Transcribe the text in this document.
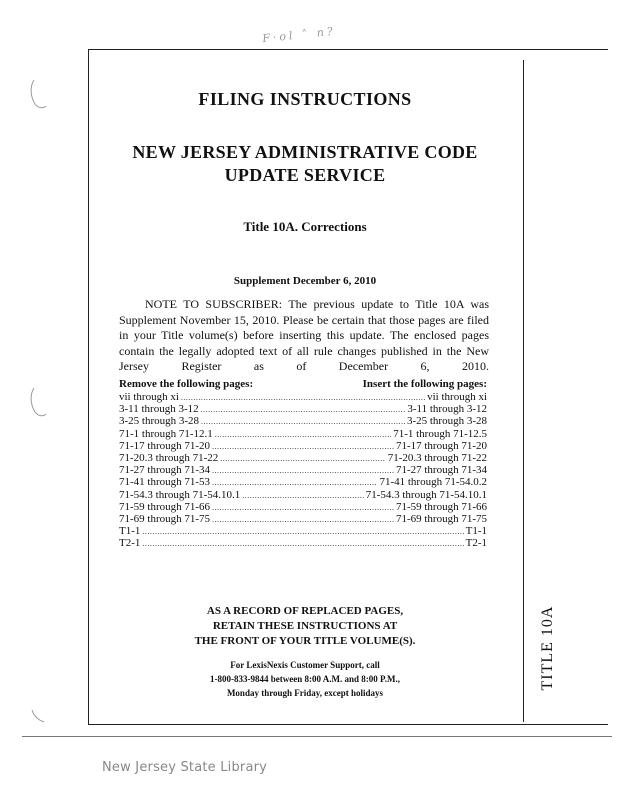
F·ol ˄ n?
TITLE 10A
FILING INSTRUCTIONS
NEW JERSEY ADMINISTRATIVE CODE
UPDATE SERVICE
Title 10A. Corrections
Supplement December 6, 2010

NOTE TO SUBSCRIBER: The previous update to Title 10A was Supplement November 15, 2010. Please be certain that those pages are filed in your Title volume(s) before inserting this update. The enclosed pages contain the legally adopted text of all rule changes published in the New Jersey Register as of December 6, 2010.

Remove the following pages:	Insert the following pages:
vii through xi .....	vii through xi
3-11 through 3-12 .....	3-11 through 3-12
3-25 through 3-28 .....	3-25 through 3-28
71-1 through 71-12.1 .....	71-1 through 71-12.5
71-17 through 71-20 .....	71-17 through 71-20
71-20.3 through 71-22 .....	71-20.3 through 71-22
71-27 through 71-34 .....	71-27 through 71-34
71-41 through 71-53 .....	71-41 through 71-54.0.2
71-54.3 through 71-54.10.1 .....	71-54.3 through 71-54.10.1
71-59 through 71-66 .....	71-59 through 71-66
71-69 through 71-75 .....	71-69 through 71-75
T1-1 .....	T1-1
T2-1 .....	T2-1
AS A RECORD OF REPLACED PAGES,
RETAIN THESE INSTRUCTIONS AT
THE FRONT OF YOUR TITLE VOLUME(S).
For LexisNexis Customer Support, call
1-800-833-9844 between 8:00 A.M. and 8:00 P.M.,
Monday through Friday, except holidays
New Jersey State Library
